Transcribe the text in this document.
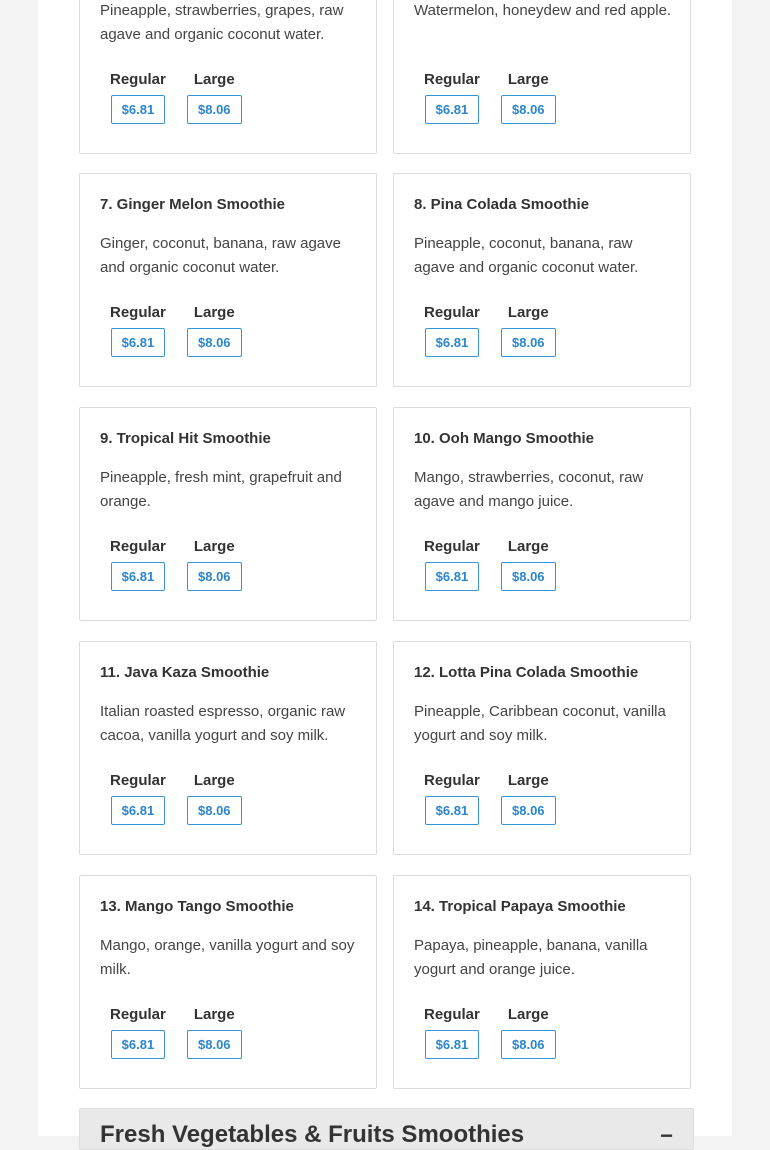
Pineapple, strawberries, grapes, raw agave and organic coconut water.
Regular
$6.81
Large
$8.06
Watermelon, honeydew and red apple.
Regular
$6.81
Large
$8.06
7. Ginger Melon Smoothie
Ginger, coconut, banana, raw agave and organic coconut water.
Regular
$6.81
Large
$8.06
8. Pina Colada Smoothie
Pineapple, coconut, banana, raw agave and organic coconut water.
Regular
$6.81
Large
$8.06
9. Tropical Hit Smoothie
Pineapple, fresh mint, grapefruit and orange.
Regular
$6.81
Large
$8.06
10. Ooh Mango Smoothie
Mango, strawberries, coconut, raw agave and mango juice.
Regular
$6.81
Large
$8.06
11. Java Kaza Smoothie
Italian roasted espresso, organic raw cacoa, vanilla yogurt and soy milk.
Regular
$6.81
Large
$8.06
12. Lotta Pina Colada Smoothie
Pineapple, Caribbean coconut, vanilla yogurt and soy milk.
Regular
$6.81
Large
$8.06
13. Mango Tango Smoothie
Mango, orange, vanilla yogurt and soy milk.
Regular
$6.81
Large
$8.06
14. Tropical Papaya Smoothie
Papaya, pineapple, banana, vanilla yogurt and orange juice.
Regular
$6.81
Large
$8.06
Fresh Vegetables & Fruits Smoothies	−
